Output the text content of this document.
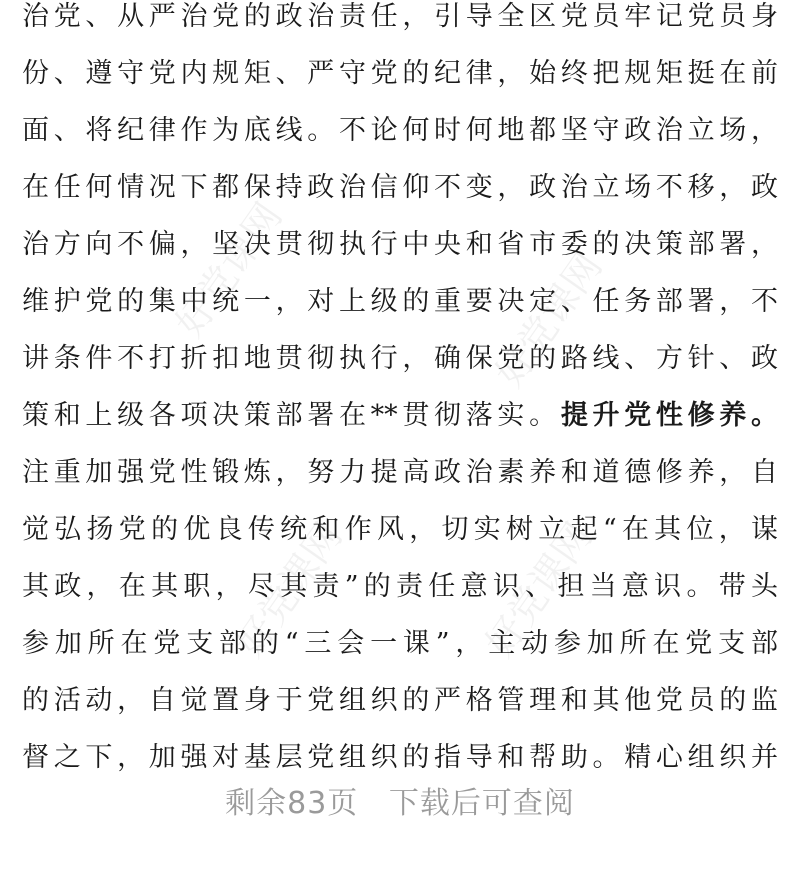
好党课网	好党课网
好党课网	好党课网
治党、从严治党的政治责任，引导全区党员牢记党员身
份、遵守党内规矩、严守党的纪律，始终把规矩挺在前
面、将纪律作为底线。不论何时何地都坚守政治立场，
在任何情况下都保持政治信仰不变，政治立场不移，政
治方向不偏，坚决贯彻执行中央和省市委的决策部署，
维护党的集中统一，对上级的重要决定、任务部署，不
讲条件不打折扣地贯彻执行，确保党的路线、方针、政
策和上级各项决策部署在**贯彻落实。提升党性修养。
注重加强党性锻炼，努力提高政治素养和道德修养，自
觉弘扬党的优良传统和作风，切实树立起“在其位，谋
其政，在其职，尽其责”的责任意识、担当意识。带头
参加所在党支部的“三会一课”，主动参加所在党支部
的活动，自觉置身于党组织的严格管理和其他党员的监
督之下，加强对基层党组织的指导和帮助。精心组织并
剩余83页 下载后可查阅
